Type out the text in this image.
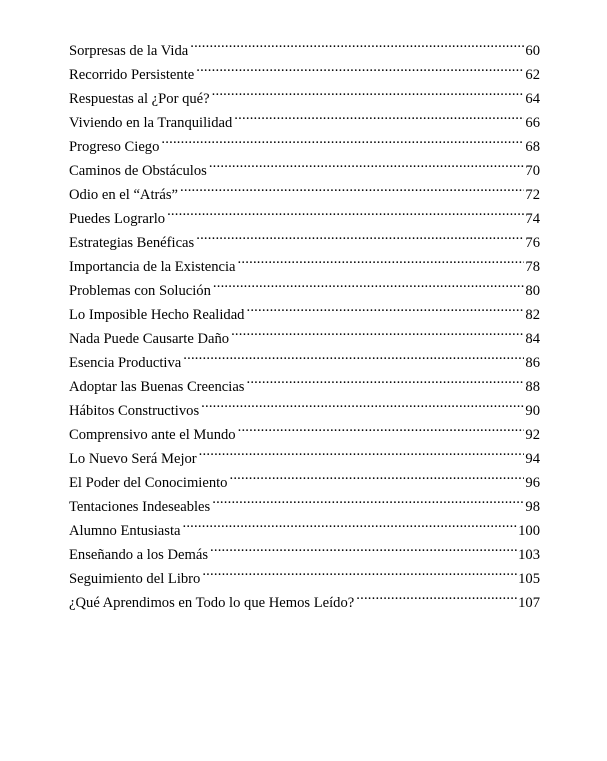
Sorpresas de la Vida .....	60
Recorrido Persistente .....	62
Respuestas al ¿Por qué? .....	64
Viviendo en la Tranquilidad .....	66
Progreso Ciego .....	68
Caminos de Obstáculos .....	70
Odio en el “Atrás” .....	72
Puedes Lograrlo .....	74
Estrategias Benéficas .....	76
Importancia de la Existencia .....	78
Problemas con Solución .....	80
Lo Imposible Hecho Realidad .....	82
Nada Puede Causarte Daño .....	84
Esencia Productiva .....	86
Adoptar las Buenas Creencias .....	88
Hábitos Constructivos .....	90
Comprensivo ante el Mundo .....	92
Lo Nuevo Será Mejor .....	94
El Poder del Conocimiento .....	96
Tentaciones Indeseables .....	98
Alumno Entusiasta .....	100
Enseñando a los Demás .....	103
Seguimiento del Libro .....	105
¿Qué Aprendimos en Todo lo que Hemos Leído? .....	107
